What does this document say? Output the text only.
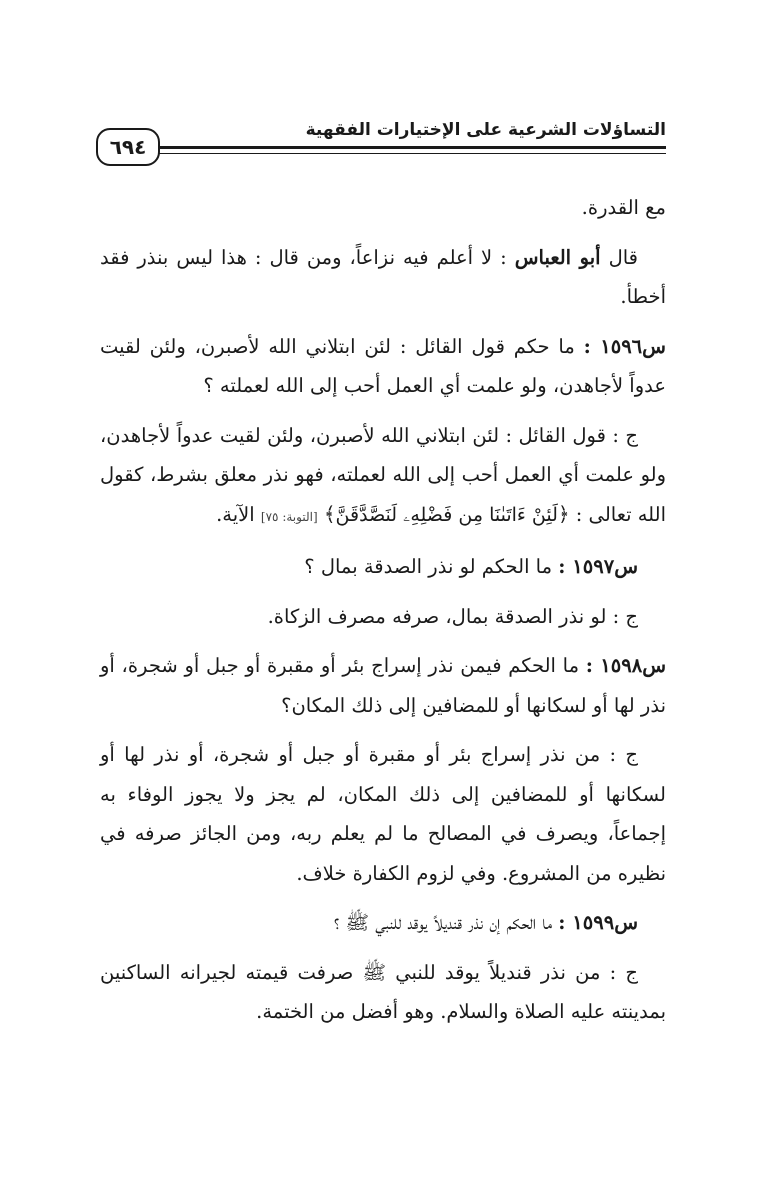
التساؤلات الشرعية على الإختيارات الفقهية
٦٩٤

مع القدرة.

قال أبو العباس : لا أعلم فيه نزاعاً، ومن قال : هذا ليس بنذر فقد أخطأ.

س١٥٩٦ : ما حكم قول القائل : لئن ابتلاني الله لأصبرن، ولئن لقيت عدواً لأجاهدن، ولو علمت أي العمل أحب إلى الله لعملته ؟

ج : قول القائل : لئن ابتلاني الله لأصبرن، ولئن لقيت عدواً لأجاهدن، ولو علمت أي العمل أحب إلى الله لعملته، فهو نذر معلق بشرط، كقول الله تعالى : ﴿لَئِنْ ءَاتَىٰنَا مِن فَضْلِهِۦ لَنَصَّدَّقَنَّ﴾ [التوبة: ٧٥] الآية.

س١٥٩٧ : ما الحكم لو نذر الصدقة بمال ؟

ج : لو نذر الصدقة بمال، صرفه مصرف الزكاة.

س١٥٩٨ : ما الحكم فيمن نذر إسراج بئر أو مقبرة أو جبل أو شجرة، أو نذر لها أو لسكانها أو للمضافين إلى ذلك المكان؟

ج : من نذر إسراج بئر أو مقبرة أو جبل أو شجرة، أو نذر لها أو لسكانها أو للمضافين إلى ذلك المكان، لم يجز ولا يجوز الوفاء به إجماعاً، ويصرف في المصالح ما لم يعلم ربه، ومن الجائز صرفه في نظيره من المشروع. وفي لزوم الكفارة خلاف.

س١٥٩٩ : ما الحكم إن نذر قنديلاً يوقد للنبي ﷺ ؟

ج : من نذر قنديلاً يوقد للنبي ﷺ صرفت قيمته لجيرانه الساكنين بمدينته عليه الصلاة والسلام. وهو أفضل من الختمة.
